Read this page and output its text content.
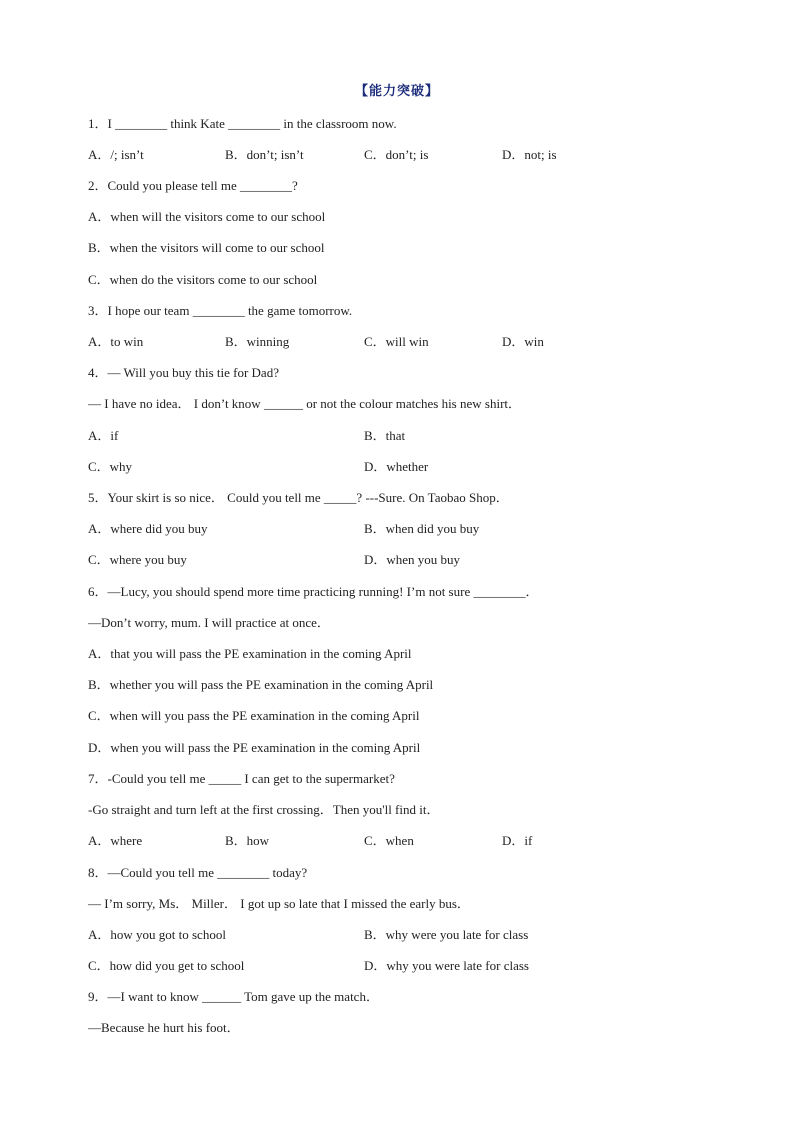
【能力突破】
1．I ________ think Kate ________ in the classroom now.
A．/; isn’t	B．don’t; isn’t	C．don’t; is	D．not; is
2．Could you please tell me ________?
A．when will the visitors come to our school
B．when the visitors will come to our school
C．when do the visitors come to our school
3．I hope our team ________ the game tomorrow.
A．to win	B．winning	C．will win	D．win
4．— Will you buy this tie for Dad?
— I have no idea． I don’t know ______ or not the colour matches his new shirt．
A．if	B．that
C．why	D．whether
5．Your skirt is so nice． Could you tell me _____? ---Sure. On Taobao Shop．
A．where did you buy	B．when did you buy
C．where you buy	D．when you buy
6．—Lucy, you should spend more time practicing running! I’m not sure ________．
—Don’t worry, mum. I will practice at once．
A．that you will pass the PE examination in the coming April
B．whether you will pass the PE examination in the coming April
C．when will you pass the PE examination in the coming April
D．when you will pass the PE examination in the coming April
7．-Could you tell me _____ I can get to the supermarket?
-Go straight and turn left at the first crossing．Then you'll find it．
A．where	B．how	C．when	D．if
8．—Could you tell me ________ today?
— I’m sorry, Ms． Miller． I got up so late that I missed the early bus．
A．how you got to school	B．why were you late for class
C．how did you get to school	D．why you were late for class
9．—I want to know ______ Tom gave up the match．
—Because he hurt his foot．
